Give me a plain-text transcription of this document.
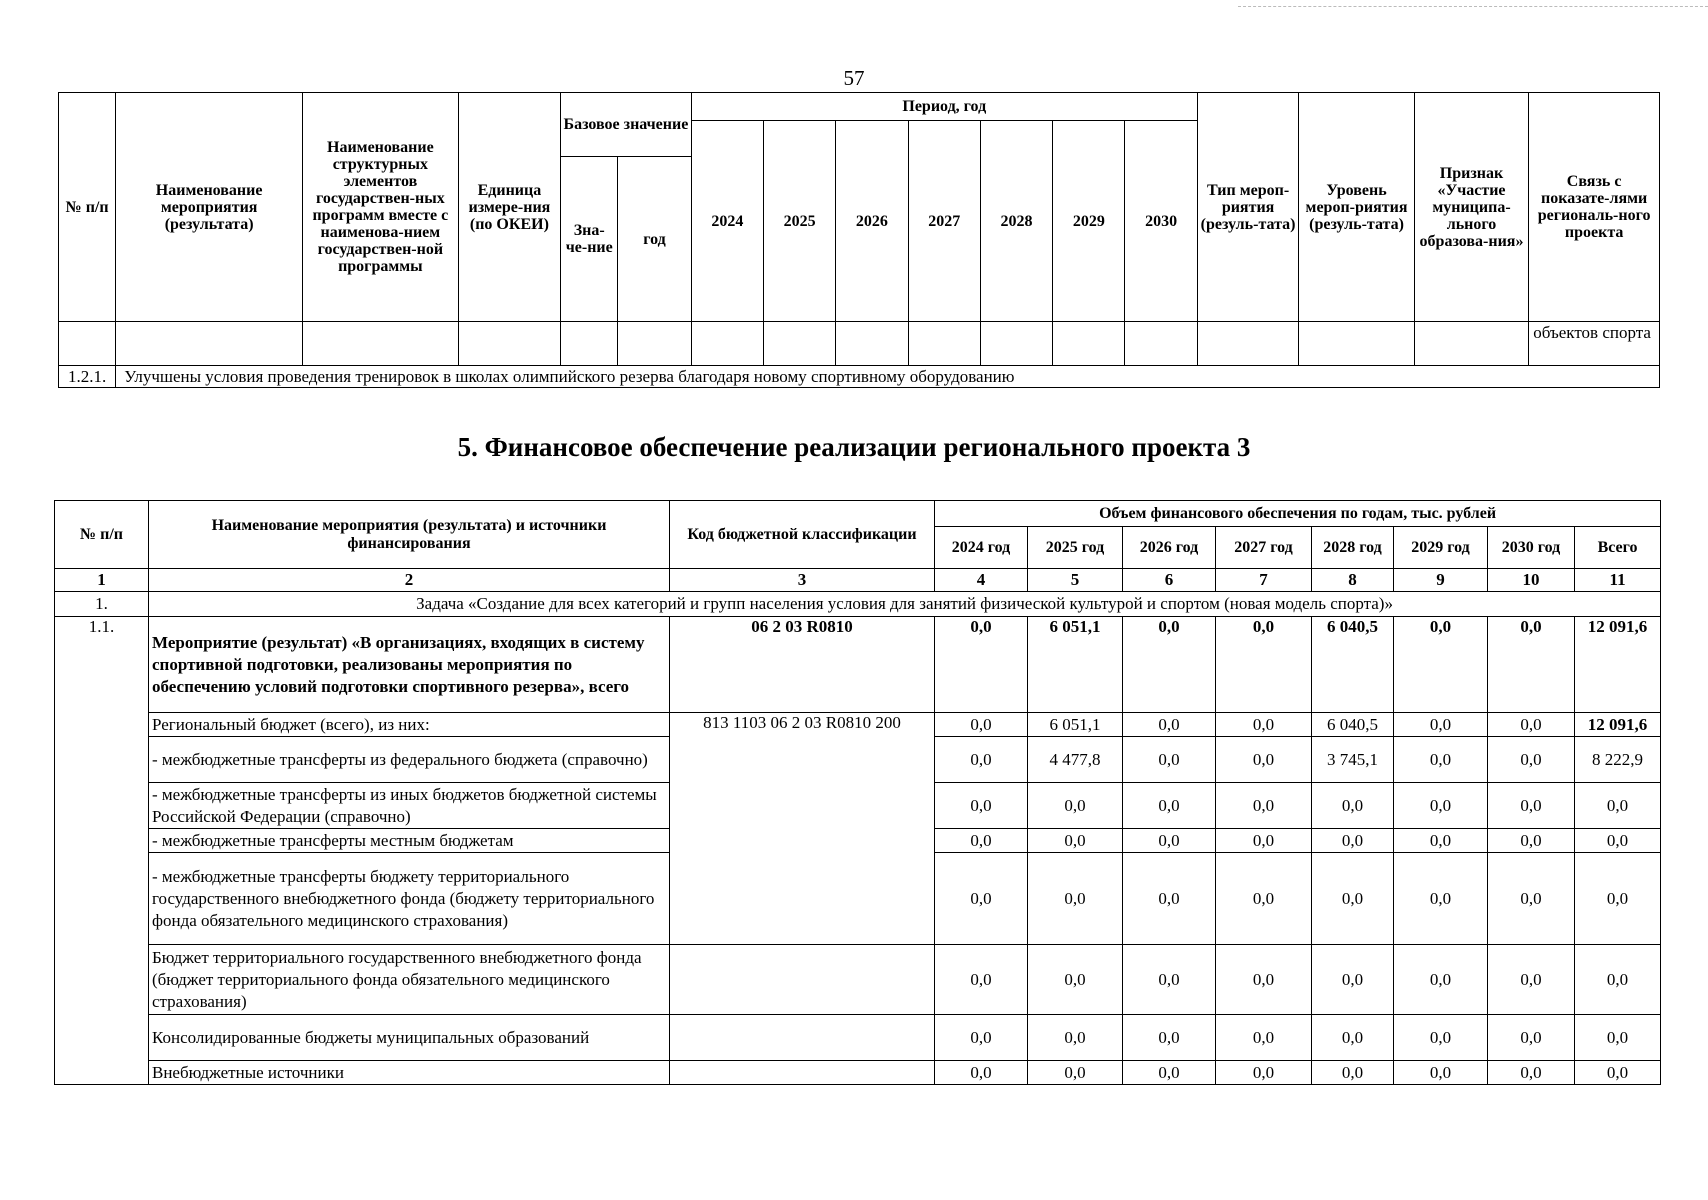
57
№ п/п	Наименование мероприятия (результата)	Наименование структурных элементов государствен-ных программ вместе с наименова-нием государствен-ной программы	Единица измере-ния (по ОКЕИ)	Базовое значение		Период, год							Тип мероп-риятия (резуль-тата)	Уровень мероп-риятия (резуль-тата)	Признак «Участие муниципа-льного образова-ния»	Связь с показате-лями региональ-ного проекта
						2024	2025	2026	2027	2028	2029	2030				
				Зна-че-ние	год											
																объектов спорта
1.2.1.	Улучшены условия проведения тренировок в школах олимпийского резерва благодаря новому спортивному оборудованию															
5. Финансовое обеспечение реализации регионального проекта 3
№ п/п	Наименование мероприятия (результата) и источники финансирования	Код бюджетной классификации	Объем финансового обеспечения по годам, тыс. рублей							
			2024 год	2025 год	2026 год	2027 год	2028 год	2029 год	2030 год	Всего
1	2	3	4	5	6	7	8	9	10	11
1.	Задача «Создание для всех категорий и групп населения условия для занятий физической культурой и спортом (новая модель спорта)»									
1.1.	Мероприятие (результат) «В организациях, входящих в систему спортивной подготовки, реализованы мероприятия по обеспечению условий подготовки спортивного резерва», всего	06 2 03 R0810	0,0	6 051,1	0,0	0,0	6 040,5	0,0	0,0	12 091,6
	Региональный бюджет (всего), из них:	813 1103 06 2 03 R0810 200	0,0	6 051,1	0,0	0,0	6 040,5	0,0	0,0	12 091,6
	- межбюджетные трансферты из федерального бюджета (справочно)		0,0	4 477,8	0,0	0,0	3 745,1	0,0	0,0	8 222,9
	- межбюджетные трансферты из иных бюджетов бюджетной системы Российской Федерации (справочно)		0,0	0,0	0,0	0,0	0,0	0,0	0,0	0,0
	- межбюджетные трансферты местным бюджетам		0,0	0,0	0,0	0,0	0,0	0,0	0,0	0,0
	- межбюджетные трансферты бюджету территориального государственного внебюджетного фонда (бюджету территориального фонда обязательного медицинского страхования)		0,0	0,0	0,0	0,0	0,0	0,0	0,0	0,0
	Бюджет территориального государственного внебюджетного фонда (бюджет территориального фонда обязательного медицинского страхования)		0,0	0,0	0,0	0,0	0,0	0,0	0,0	0,0
	Консолидированные бюджеты муниципальных образований		0,0	0,0	0,0	0,0	0,0	0,0	0,0	0,0
	Внебюджетные источники		0,0	0,0	0,0	0,0	0,0	0,0	0,0	0,0
